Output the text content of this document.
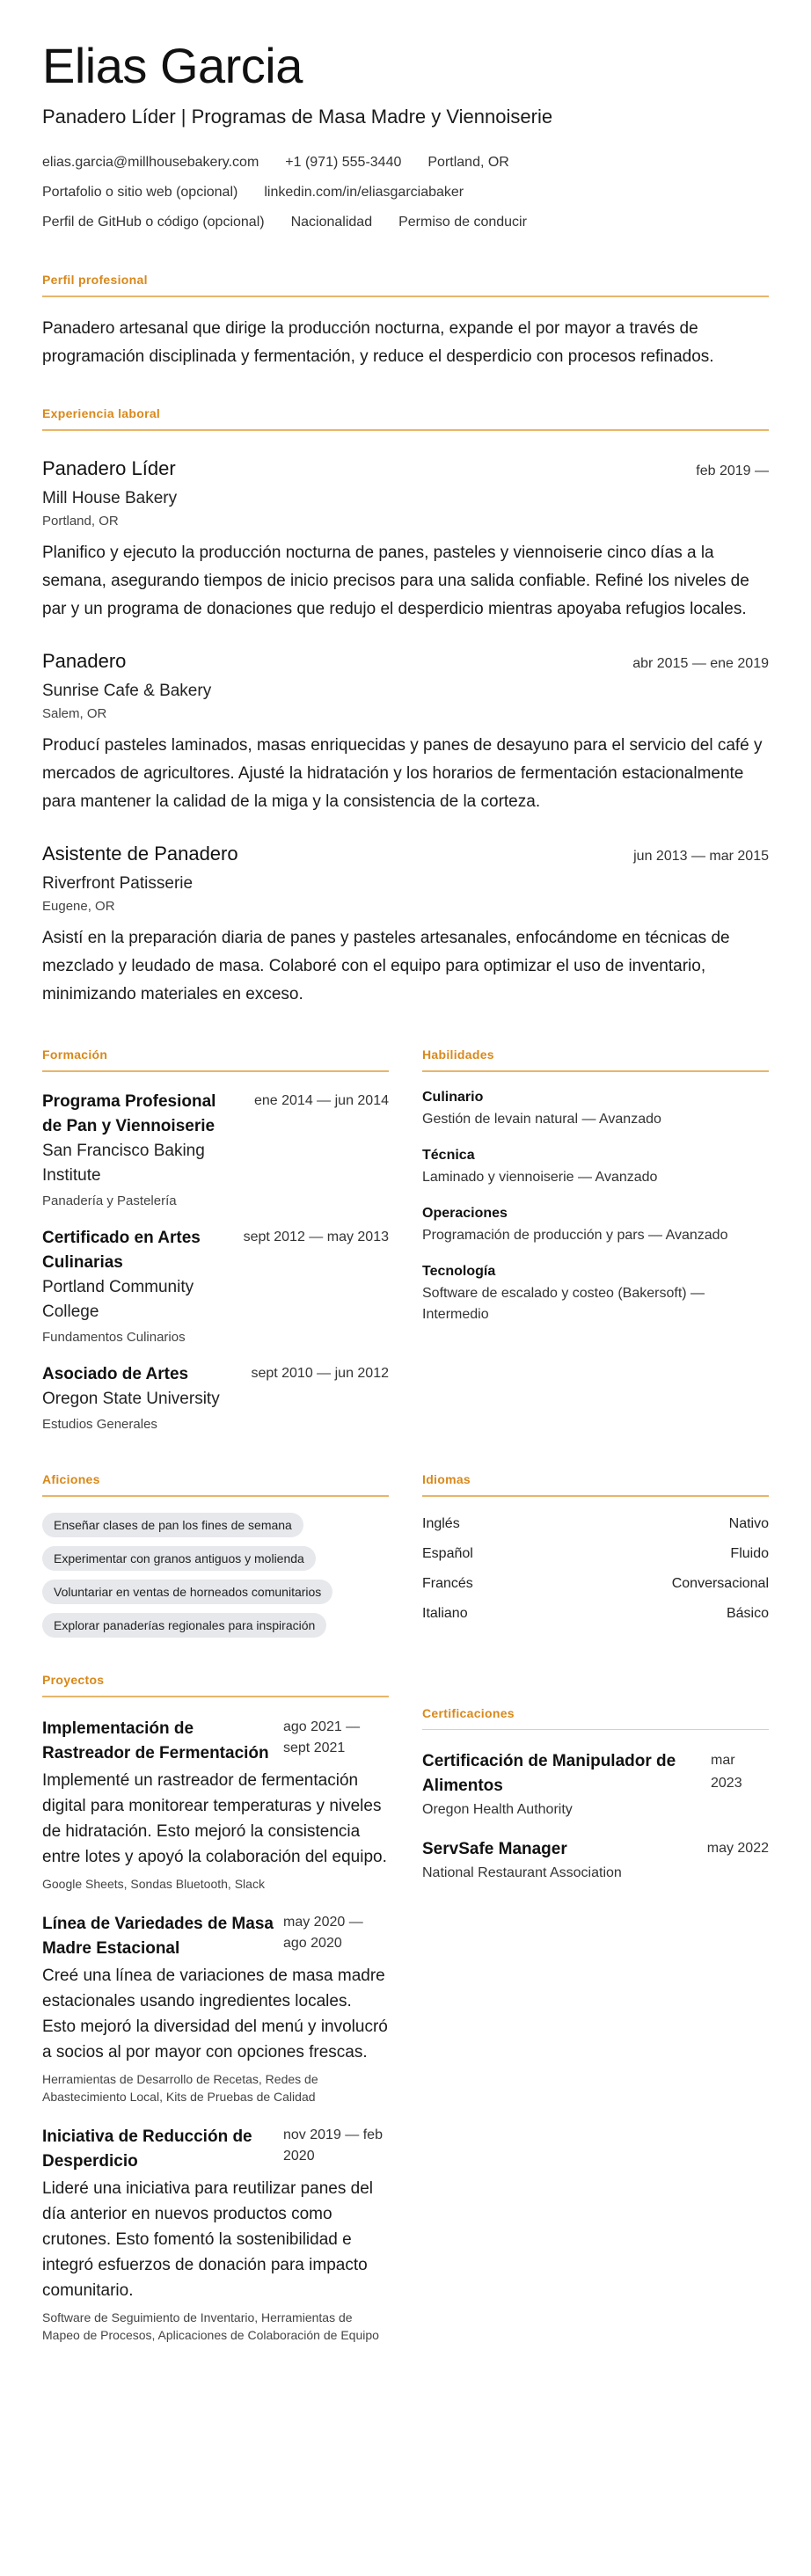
Elias Garcia
Panadero Líder | Programas de Masa Madre y Viennoiserie
elias.garcia@millhousebakery.com +1 (971) 555-3440 Portland, OR
Portafolio o sitio web (opcional) linkedin.com/in/eliasgarciabaker
Perfil de GitHub o código (opcional) Nacionalidad Permiso de conducir
Perfil profesional

Panadero artesanal que dirige la producción nocturna, expande el por mayor a través de programación disciplinada y fermentación, y reduce el desperdicio con procesos refinados.

Experiencia laboral
Panadero Líder	feb 2019 —
Mill House Bakery
Portland, OR

Planifico y ejecuto la producción nocturna de panes, pasteles y viennoiserie cinco días a la semana, asegurando tiempos de inicio precisos para una salida confiable. Refiné los niveles de par y un programa de donaciones que redujo el desperdicio mientras apoyaba refugios locales.

Panadero	abr 2015 — ene 2019
Sunrise Cafe & Bakery
Salem, OR

Producí pasteles laminados, masas enriquecidas y panes de desayuno para el servicio del café y mercados de agricultores. Ajusté la hidratación y los horarios de fermentación estacionalmente para mantener la calidad de la miga y la consistencia de la corteza.

Asistente de Panadero	jun 2013 — mar 2015
Riverfront Patisserie
Eugene, OR

Asistí en la preparación diaria de panes y pasteles artesanales, enfocándome en técnicas de mezclado y leudado de masa. Colaboré con el equipo para optimizar el uso de inventario, minimizando materiales en exceso.

Formación
Programa Profesional de Pan y Viennoiserie
ene 2014 — jun 2014
San Francisco Baking Institute
Panadería y Pastelería
Certificado en Artes Culinarias
sept 2012 — may 2013
Portland Community College
Fundamentos Culinarios
Asociado de Artes	sept 2010 — jun 2012
Oregon State University
Estudios Generales
Habilidades
Culinario
Gestión de levain natural — Avanzado
Técnica
Laminado y viennoiserie — Avanzado
Operaciones
Programación de producción y pars — Avanzado
Tecnología
Software de escalado y costeo (Bakersoft) — Intermedio
Aficiones
Enseñar clases de pan los fines de semana
Experimentar con granos antiguos y molienda
Voluntariar en ventas de horneados comunitarios
Explorar panaderías regionales para inspiración
Idiomas
Inglés	Nativo
Español	Fluido
Francés	Conversacional
Italiano	Básico
Proyectos
Implementación de Rastreador de Fermentación
ago 2021 — sept 2021

Implementé un rastreador de fermentación digital para monitorear temperaturas y niveles de hidratación. Esto mejoró la consistencia entre lotes y apoyó la colaboración del equipo.

Google Sheets, Sondas Bluetooth, Slack
Línea de Variedades de Masa Madre Estacional
may 2020 — ago 2020

Creé una línea de variaciones de masa madre estacionales usando ingredientes locales. Esto mejoró la diversidad del menú y involucró a socios al por mayor con opciones frescas.

Herramientas de Desarrollo de Recetas, Redes de Abastecimiento Local, Kits de Pruebas de Calidad
Iniciativa de Reducción de Desperdicio
nov 2019 — feb 2020

Lideré una iniciativa para reutilizar panes del día anterior en nuevos productos como crutones. Esto fomentó la sostenibilidad e integró esfuerzos de donación para impacto comunitario.

Software de Seguimiento de Inventario, Herramientas de Mapeo de Procesos, Aplicaciones de Colaboración de Equipo
Certificaciones
Certificación de Manipulador de Alimentos
mar 2023
Oregon Health Authority
ServSafe Manager	may 2022
National Restaurant Association
